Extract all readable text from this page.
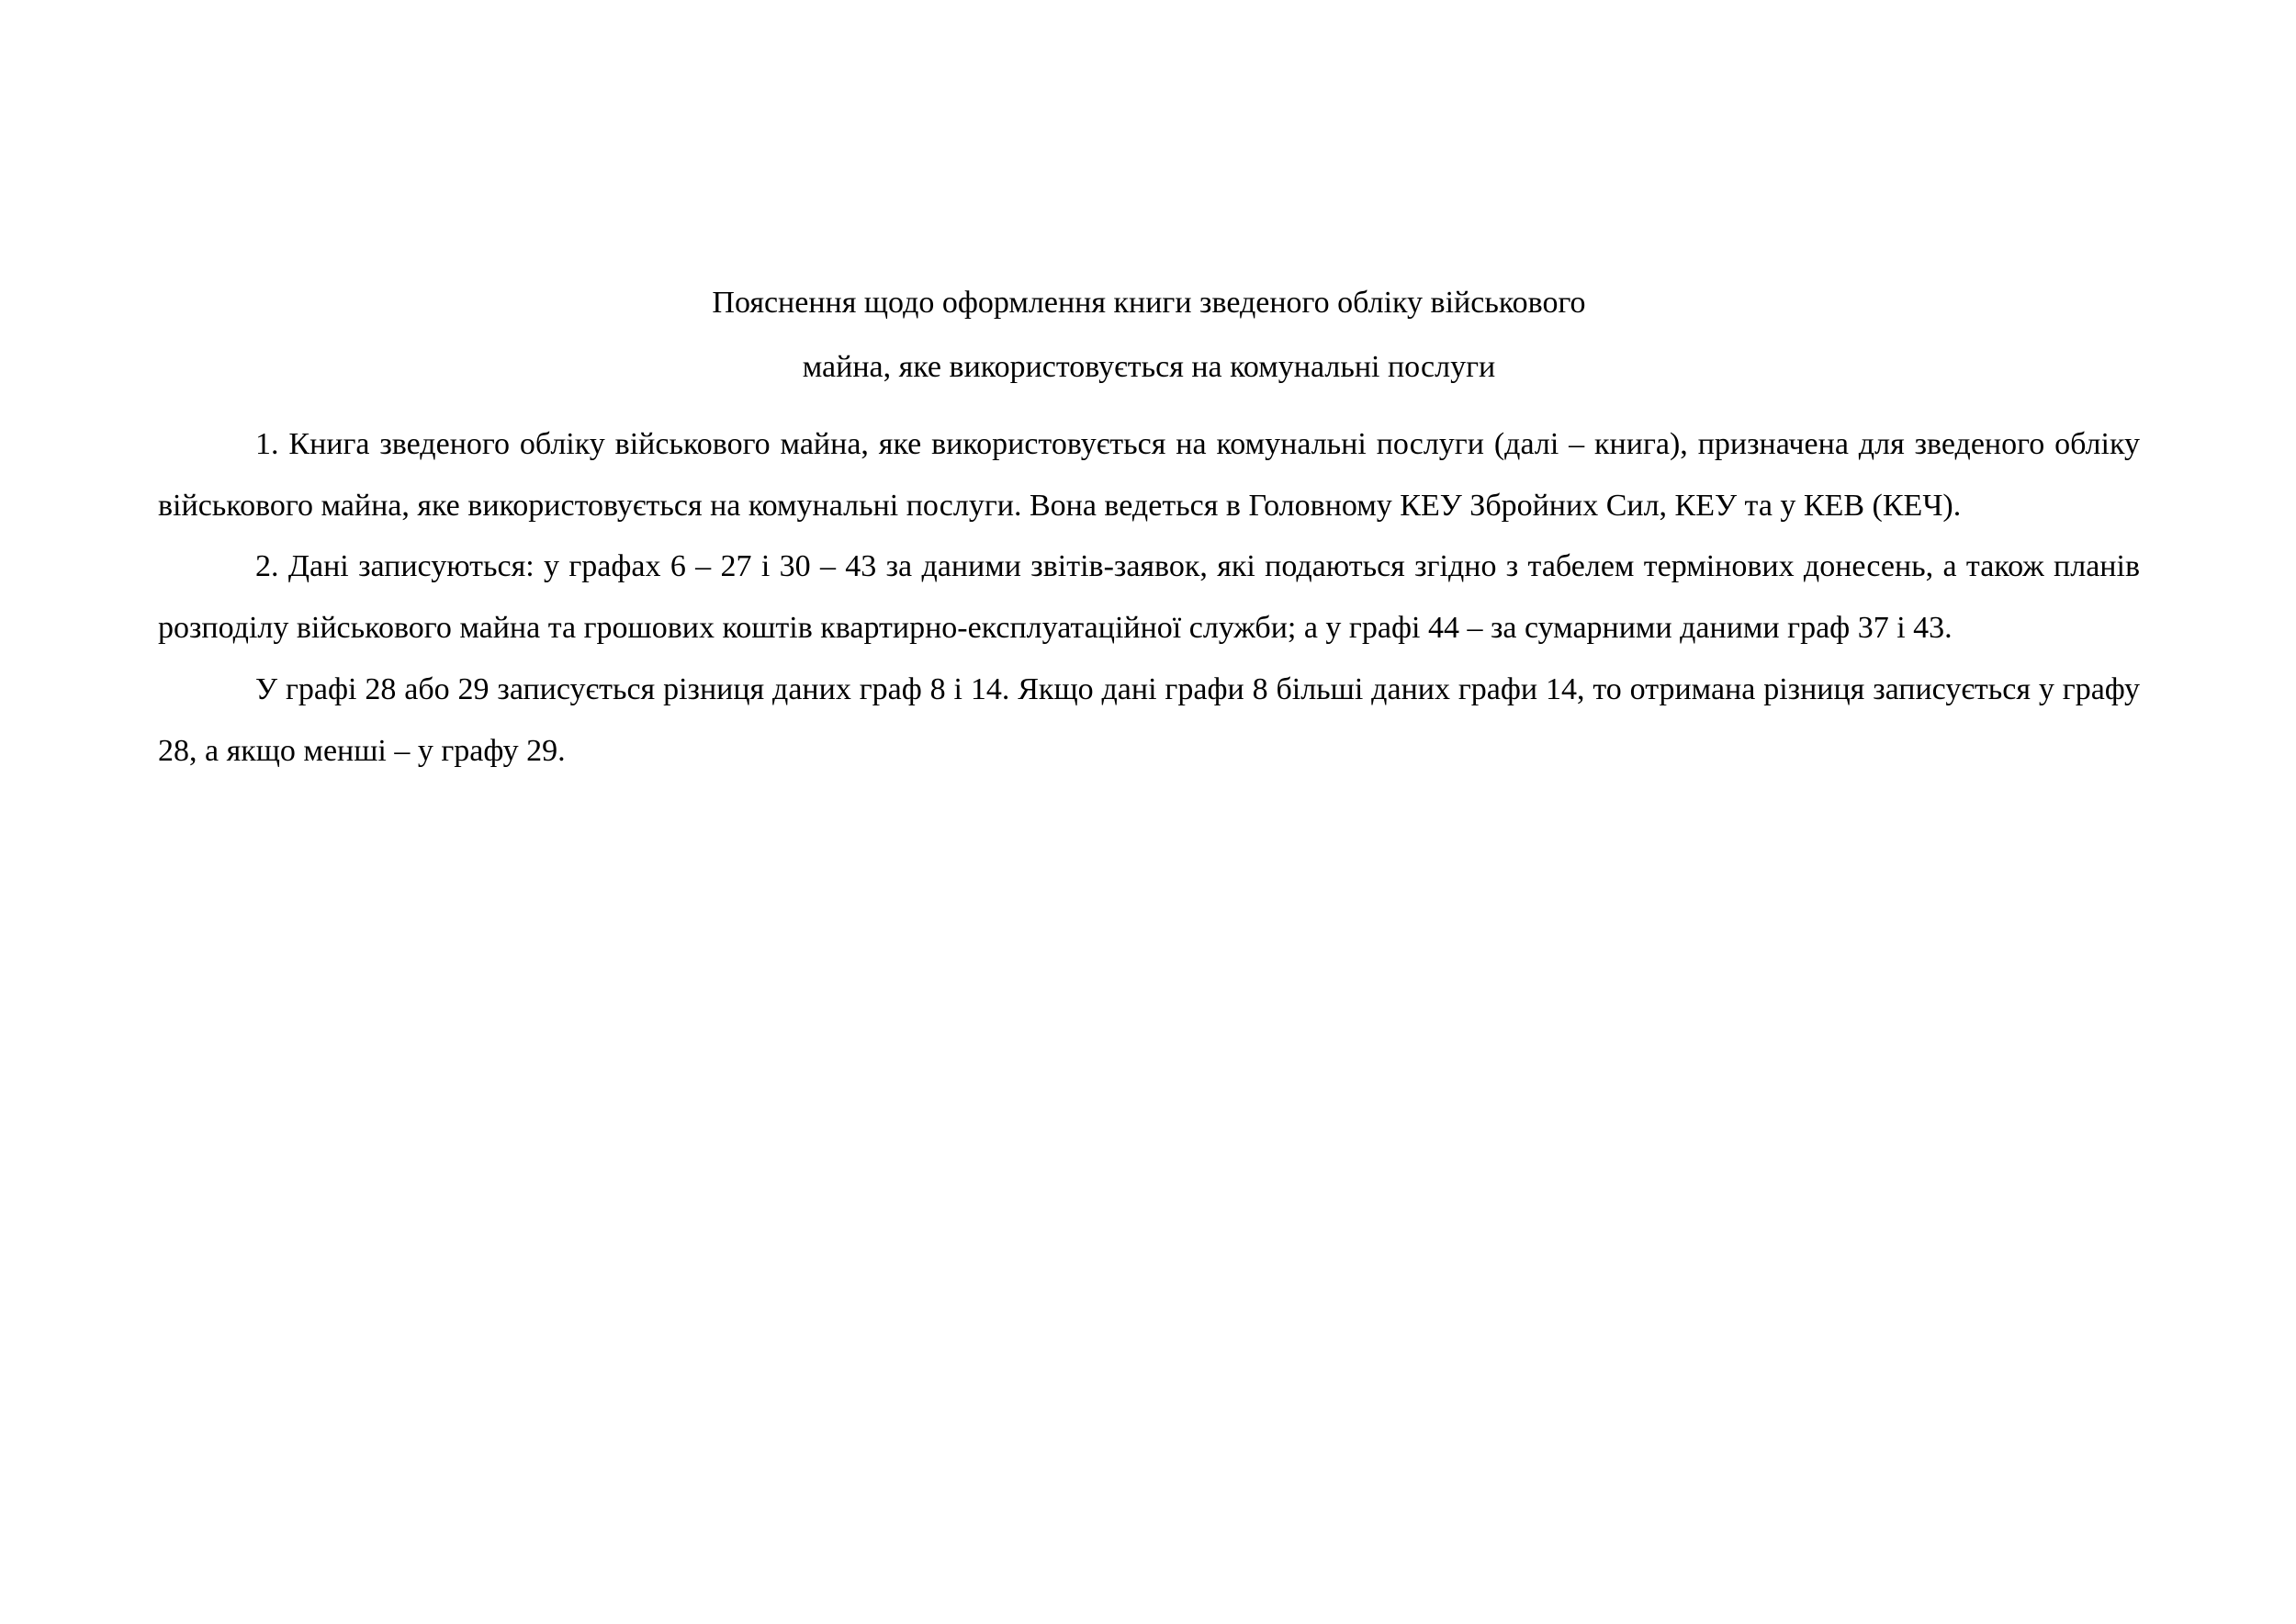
Пояснення щодо оформлення книги зведеного обліку військового
майна, яке використовується на комунальні послуги

1. Книга зведеного обліку військового майна, яке використовується на комунальні послуги (далі – книга), призначена для зведеного обліку військового майна, яке використовується на комунальні послуги. Вона ведеться в Головному КЕУ Збройних Сил, КЕУ та у КЕВ (КЕЧ).

2. Дані записуються: у графах 6 – 27 і 30 – 43 за даними звітів-заявок, які подаються згідно з табелем термінових донесень, а також планів розподілу військового майна та грошових коштів квартирно-експлуатаційної служби; а у графі 44 – за сумарними даними граф 37 і 43.

У графі 28 або 29 записується різниця даних граф 8 і 14. Якщо дані графи 8 більші даних графи 14, то отримана різниця записується у графу 28, а якщо менші – у графу 29.
